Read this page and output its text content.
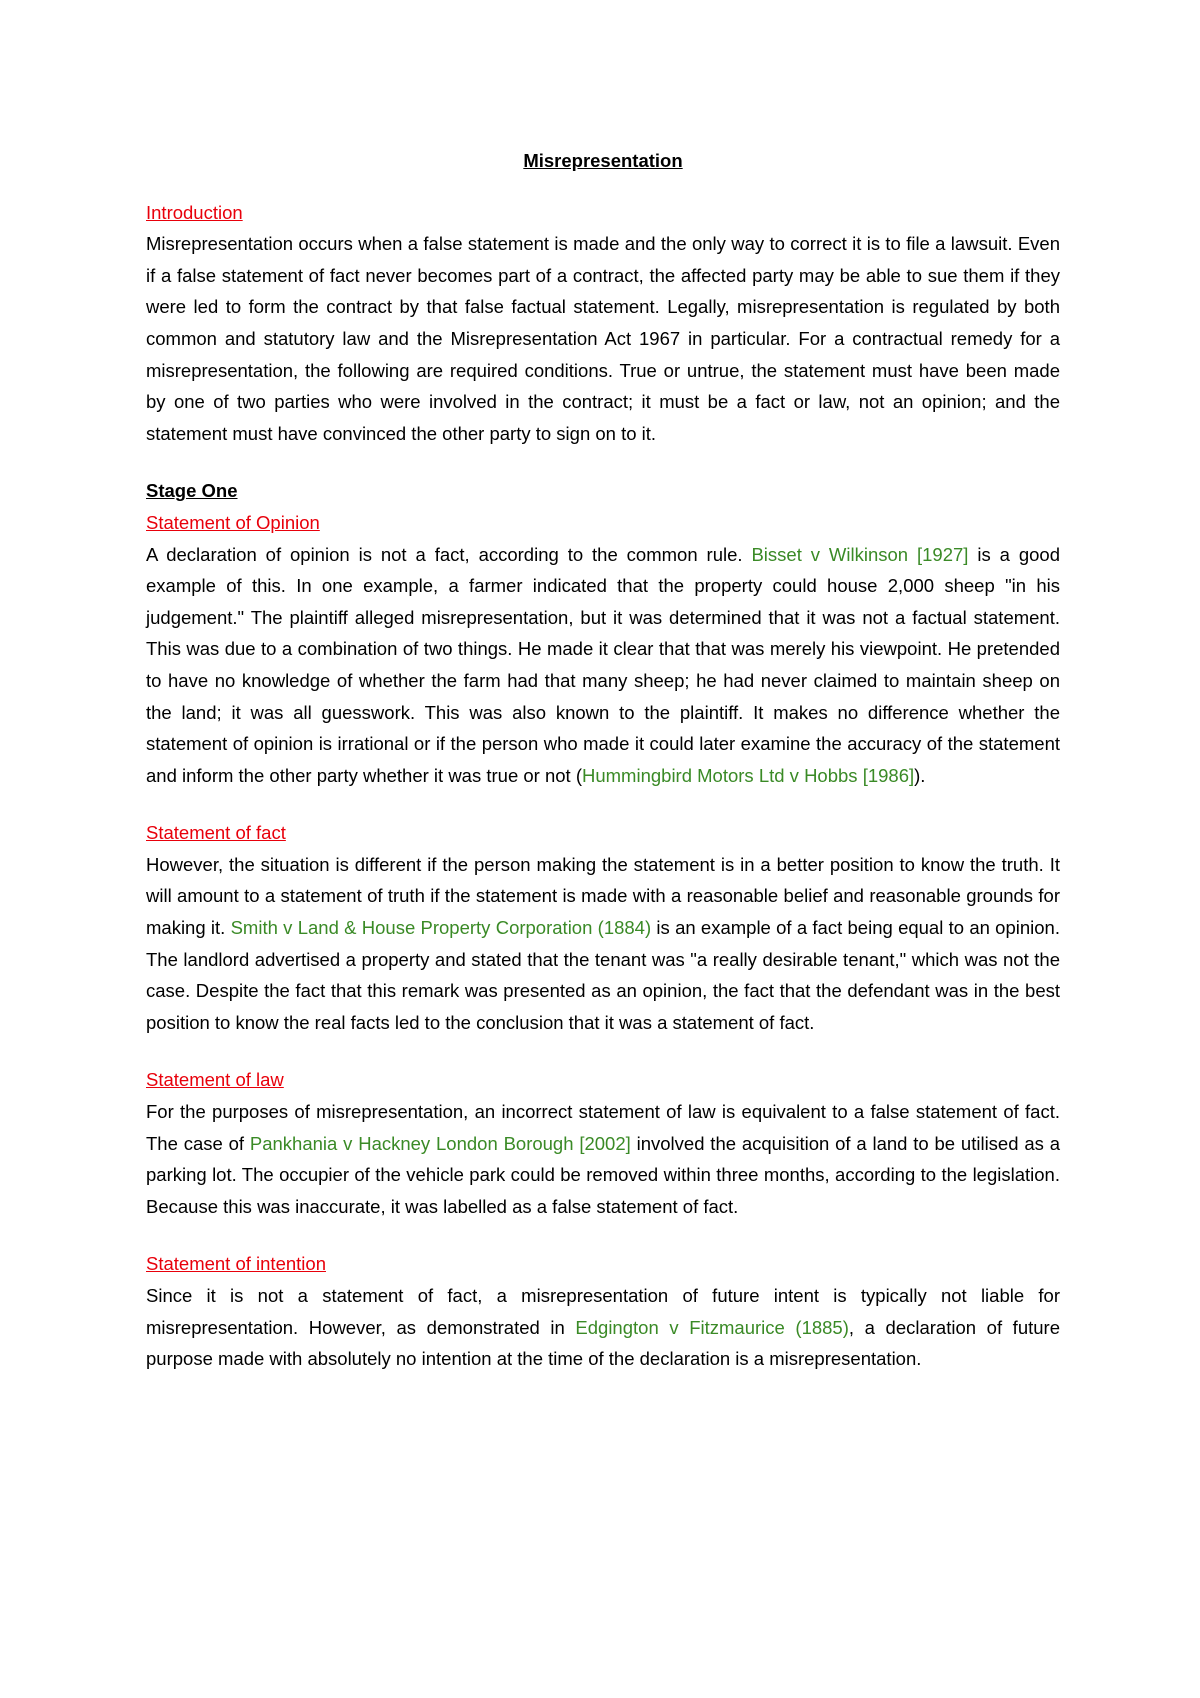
Misrepresentation

Introduction

Misrepresentation occurs when a false statement is made and the only way to correct it is to file a lawsuit. Even if a false statement of fact never becomes part of a contract, the affected party may be able to sue them if they were led to form the contract by that false factual statement. Legally, misrepresentation is regulated by both common and statutory law and the Misrepresentation Act 1967 in particular. For a contractual remedy for a misrepresentation, the following are required conditions. True or untrue, the statement must have been made by one of two parties who were involved in the contract; it must be a fact or law, not an opinion; and the statement must have convinced the other party to sign on to it.

Stage One

Statement of Opinion

A declaration of opinion is not a fact, according to the common rule. Bisset v Wilkinson [1927] is a good example of this. In one example, a farmer indicated that the property could house 2,000 sheep "in his judgement." The plaintiff alleged misrepresentation, but it was determined that it was not a factual statement. This was due to a combination of two things. He made it clear that that was merely his viewpoint. He pretended to have no knowledge of whether the farm had that many sheep; he had never claimed to maintain sheep on the land; it was all guesswork. This was also known to the plaintiff. It makes no difference whether the statement of opinion is irrational or if the person who made it could later examine the accuracy of the statement and inform the other party whether it was true or not (Hummingbird Motors Ltd v Hobbs [1986]).

Statement of fact

However, the situation is different if the person making the statement is in a better position to know the truth. It will amount to a statement of truth if the statement is made with a reasonable belief and reasonable grounds for making it. Smith v Land & House Property Corporation (1884) is an example of a fact being equal to an opinion. The landlord advertised a property and stated that the tenant was "a really desirable tenant," which was not the case. Despite the fact that this remark was presented as an opinion, the fact that the defendant was in the best position to know the real facts led to the conclusion that it was a statement of fact.

Statement of law

For the purposes of misrepresentation, an incorrect statement of law is equivalent to a false statement of fact. The case of Pankhania v Hackney London Borough [2002] involved the acquisition of a land to be utilised as a parking lot. The occupier of the vehicle park could be removed within three months, according to the legislation. Because this was inaccurate, it was labelled as a false statement of fact.

Statement of intention

Since it is not a statement of fact, a misrepresentation of future intent is typically not liable for misrepresentation. However, as demonstrated in Edgington v Fitzmaurice (1885), a declaration of future purpose made with absolutely no intention at the time of the declaration is a misrepresentation.
